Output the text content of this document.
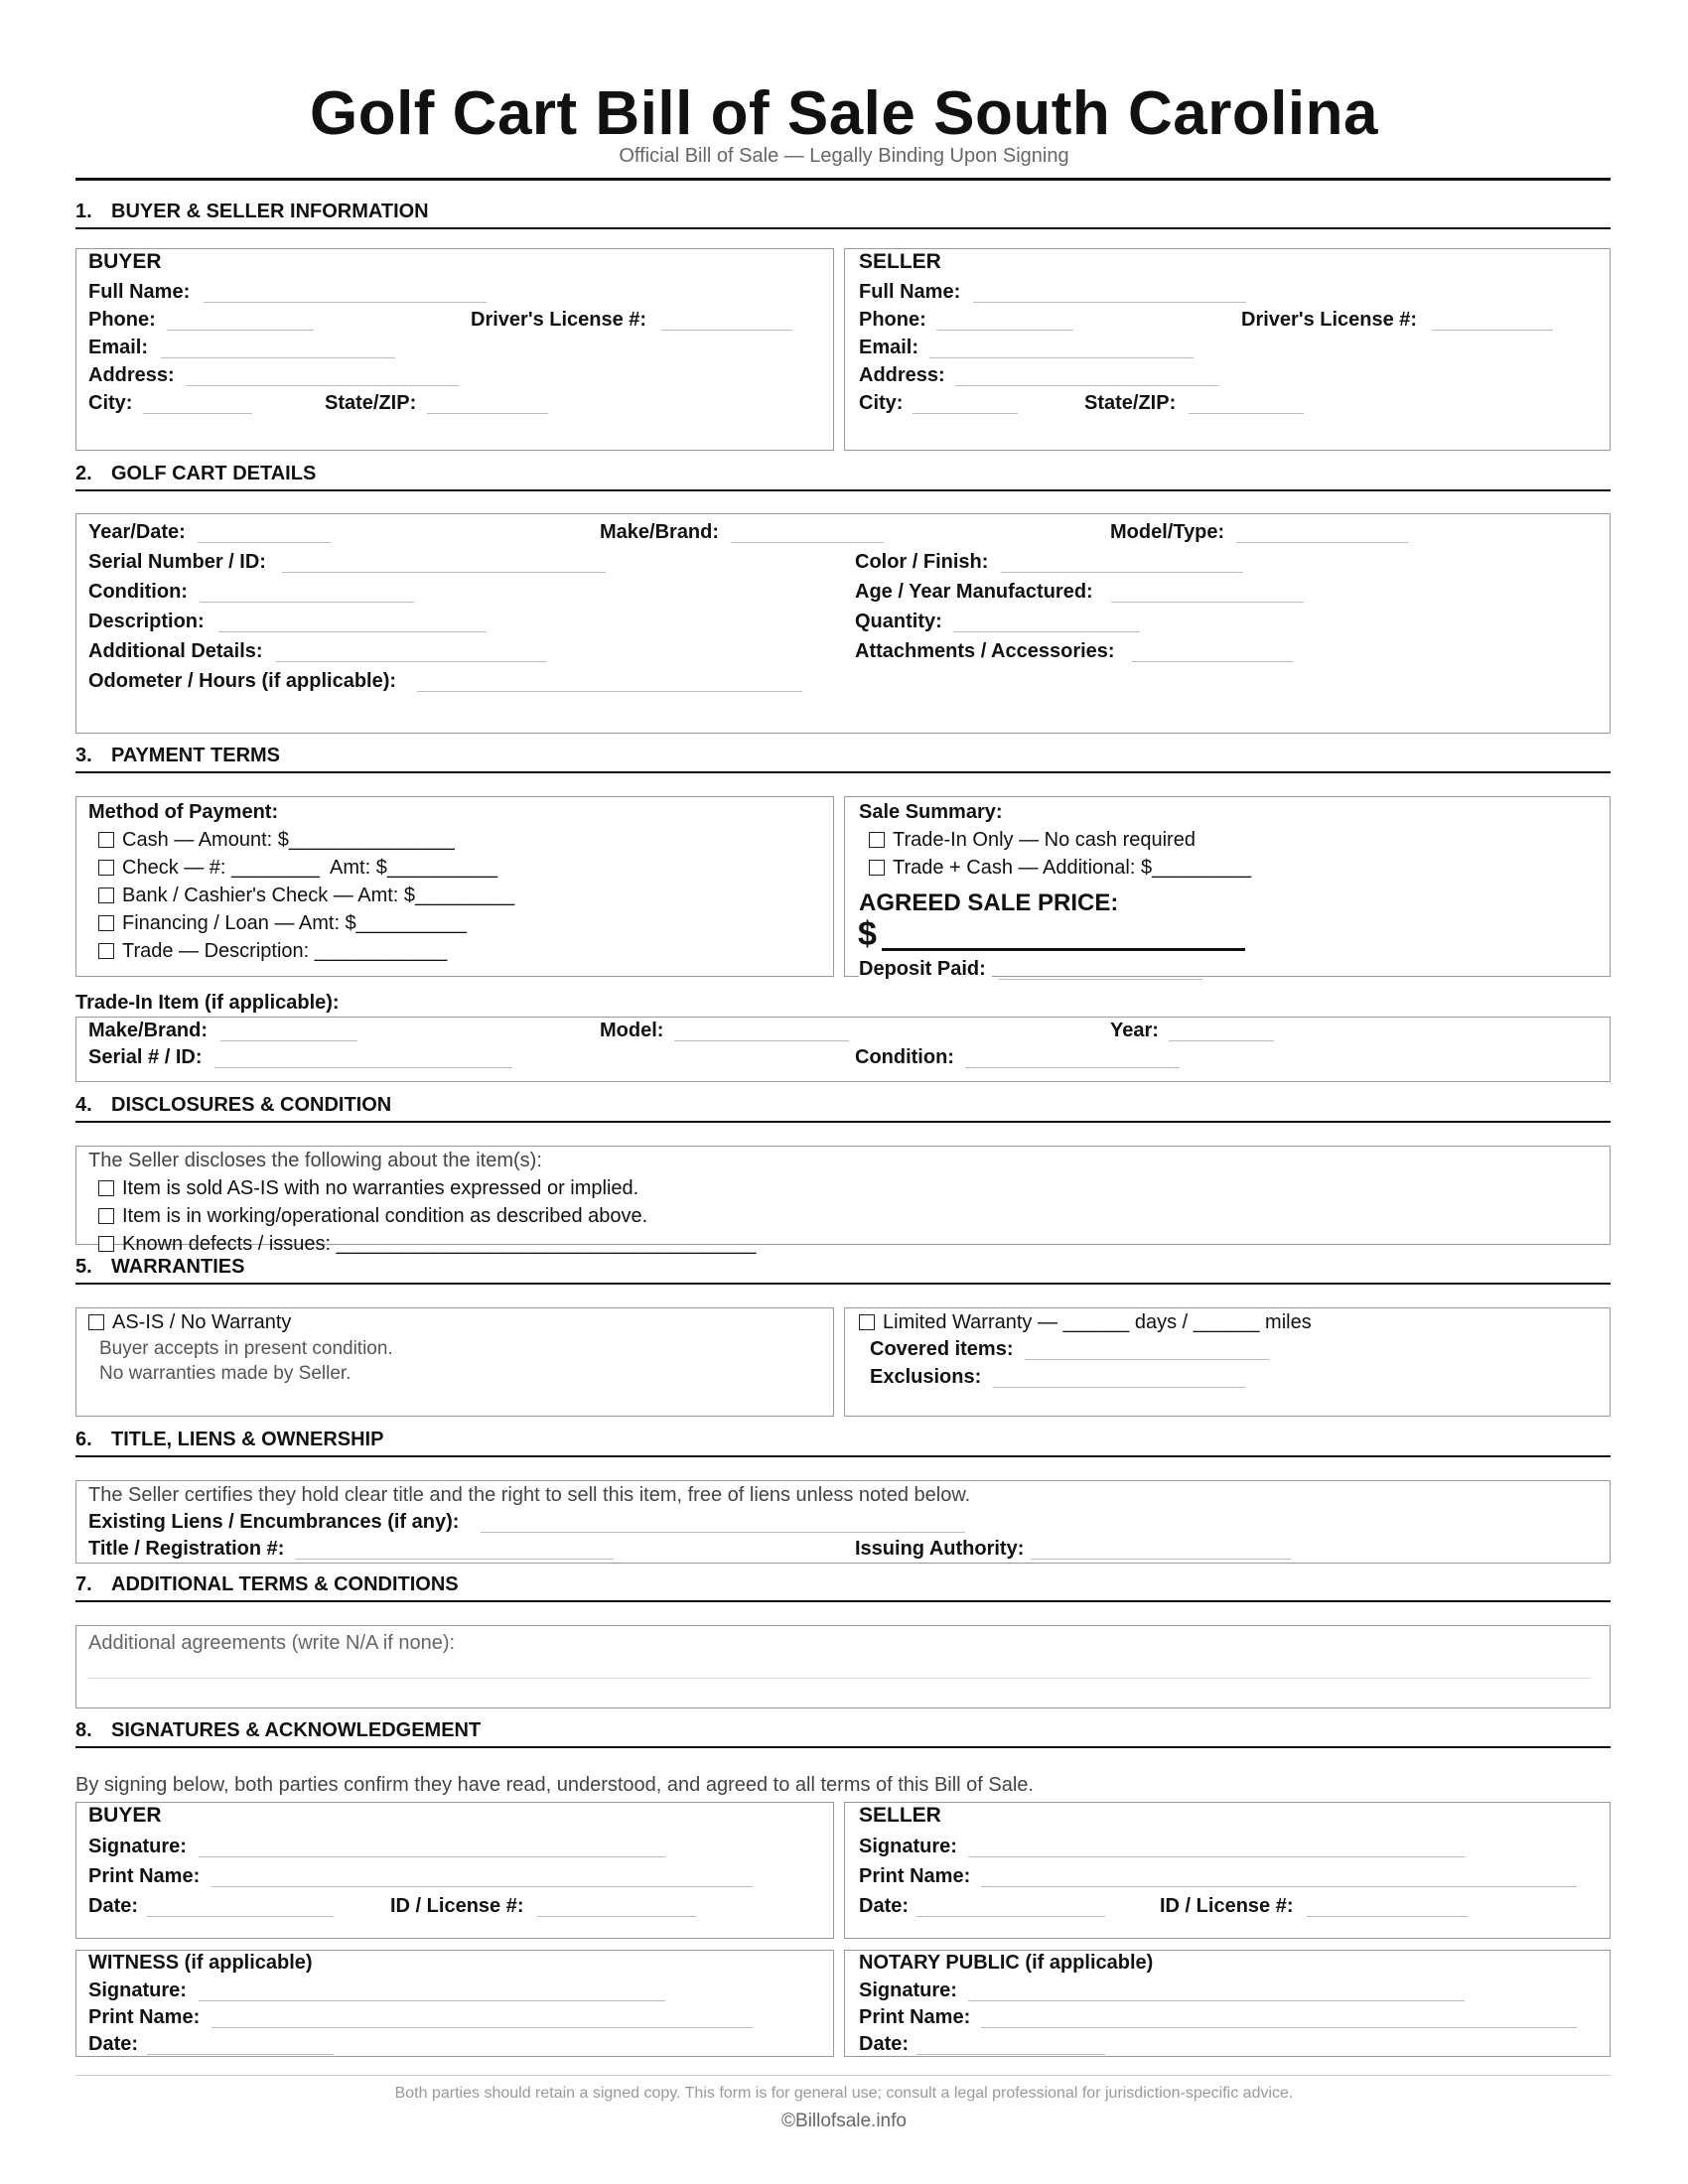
Golf Cart Bill of Sale South Carolina
Official Bill of Sale — Legally Binding Upon Signing
1. BUYER & SELLER INFORMATION
BUYER
Full Name:
Phone:	Driver's License #:
Email:
Address:
City:	State/ZIP:
SELLER
Full Name:
Phone:	Driver's License #:
Email:
Address:
City:	State/ZIP:
2. GOLF CART DETAILS
Year/Date:	Make/Brand:	Model/Type:
Serial Number / ID:	Color / Finish:
Condition:	Age / Year Manufactured:
Description:	Quantity:
Additional Details:	Attachments / Accessories:
Odometer / Hours (if applicable):
3. PAYMENT TERMS
Method of Payment:
Cash — Amount: $_______________
Check — #: ________  Amt: $__________
Bank / Cashier's Check — Amt: $_________
Financing / Loan — Amt: $__________
Trade — Description: ____________
Sale Summary:
Trade-In Only — No cash required
Trade + Cash — Additional: $_________
AGREED SALE PRICE:
$
Deposit Paid:
Trade-In Item (if applicable):
Make/Brand:	Model:	Year:
Serial # / ID:	Condition:
4. DISCLOSURES & CONDITION
The Seller discloses the following about the item(s):
Item is sold AS-IS with no warranties expressed or implied.
Item is in working/operational condition as described above.
Known defects / issues: ______________________________________
5. WARRANTIES
AS-IS / No Warranty
Buyer accepts in present condition.
No warranties made by Seller.
Limited Warranty — ______ days / ______ miles
Covered items:
Exclusions:
6. TITLE, LIENS & OWNERSHIP
The Seller certifies they hold clear title and the right to sell this item, free of liens unless noted below.
Existing Liens / Encumbrances (if any):
Title / Registration #:	Issuing Authority:
7. ADDITIONAL TERMS & CONDITIONS
Additional agreements (write N/A if none):
8. SIGNATURES & ACKNOWLEDGEMENT
By signing below, both parties confirm they have read, understood, and agreed to all terms of this Bill of Sale.
BUYER
Signature:
Print Name:
Date:	ID / License #:
SELLER
Signature:
Print Name:
Date:	ID / License #:
WITNESS (if applicable)
Signature:
Print Name:
Date:
NOTARY PUBLIC (if applicable)
Signature:
Print Name:
Date:
Both parties should retain a signed copy. This form is for general use; consult a legal professional for jurisdiction-specific advice.
©Billofsale.info
